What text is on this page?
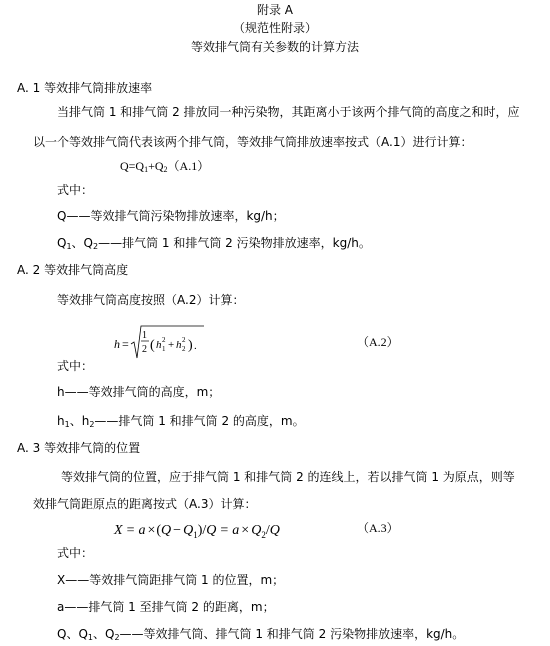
附录 A
（规范性附录）
等效排气筒有关参数的计算方法
A. 1 等效排气筒排放速率
当排气筒 1 和排气筒 2 排放同一种污染物，其距离小于该两个排气筒的高度之和时，应
以一个等效排气筒代表该两个排气筒，等效排气筒排放速率按式（A.1）进行计算：
$Q=Q_1+Q_2(A.1)$
式中：
Q——等效排气筒污染物排放速率，kg/h；
$Q_1$、$Q_2——$排气筒 1 和排气筒 2 污染物排放速率，kg/h。
A. 2 等效排气筒高度
等效排气筒高度按照（A.2）计算：
h =
1
2 ( h 1
2 + h 2
2 ) .	（A.2）
式中：
h——等效排气筒的高度，m；
$h_1$、$h_2——$排气筒 1 和排气筒 2 的高度，m。
A. 3 等效排气筒的位置
等效排气筒的位置，应于排气筒 1 和排气筒 2 的连线上，若以排气筒 1 为原点，则等
效排气筒距原点的距离按式（A.3）计算：
$X = a \times(Q - Q_1)/Q = a \times Q_2/Q$	（A.3）
式中：
X——等效排气筒距排气筒 1 的位置，m；
a——排气筒 1 至排气筒 2 的距离，m；
Q、$Q_1$、$Q_2——$等效排气筒、排气筒 1 和排气筒 2 污染物排放速率，kg/h。
